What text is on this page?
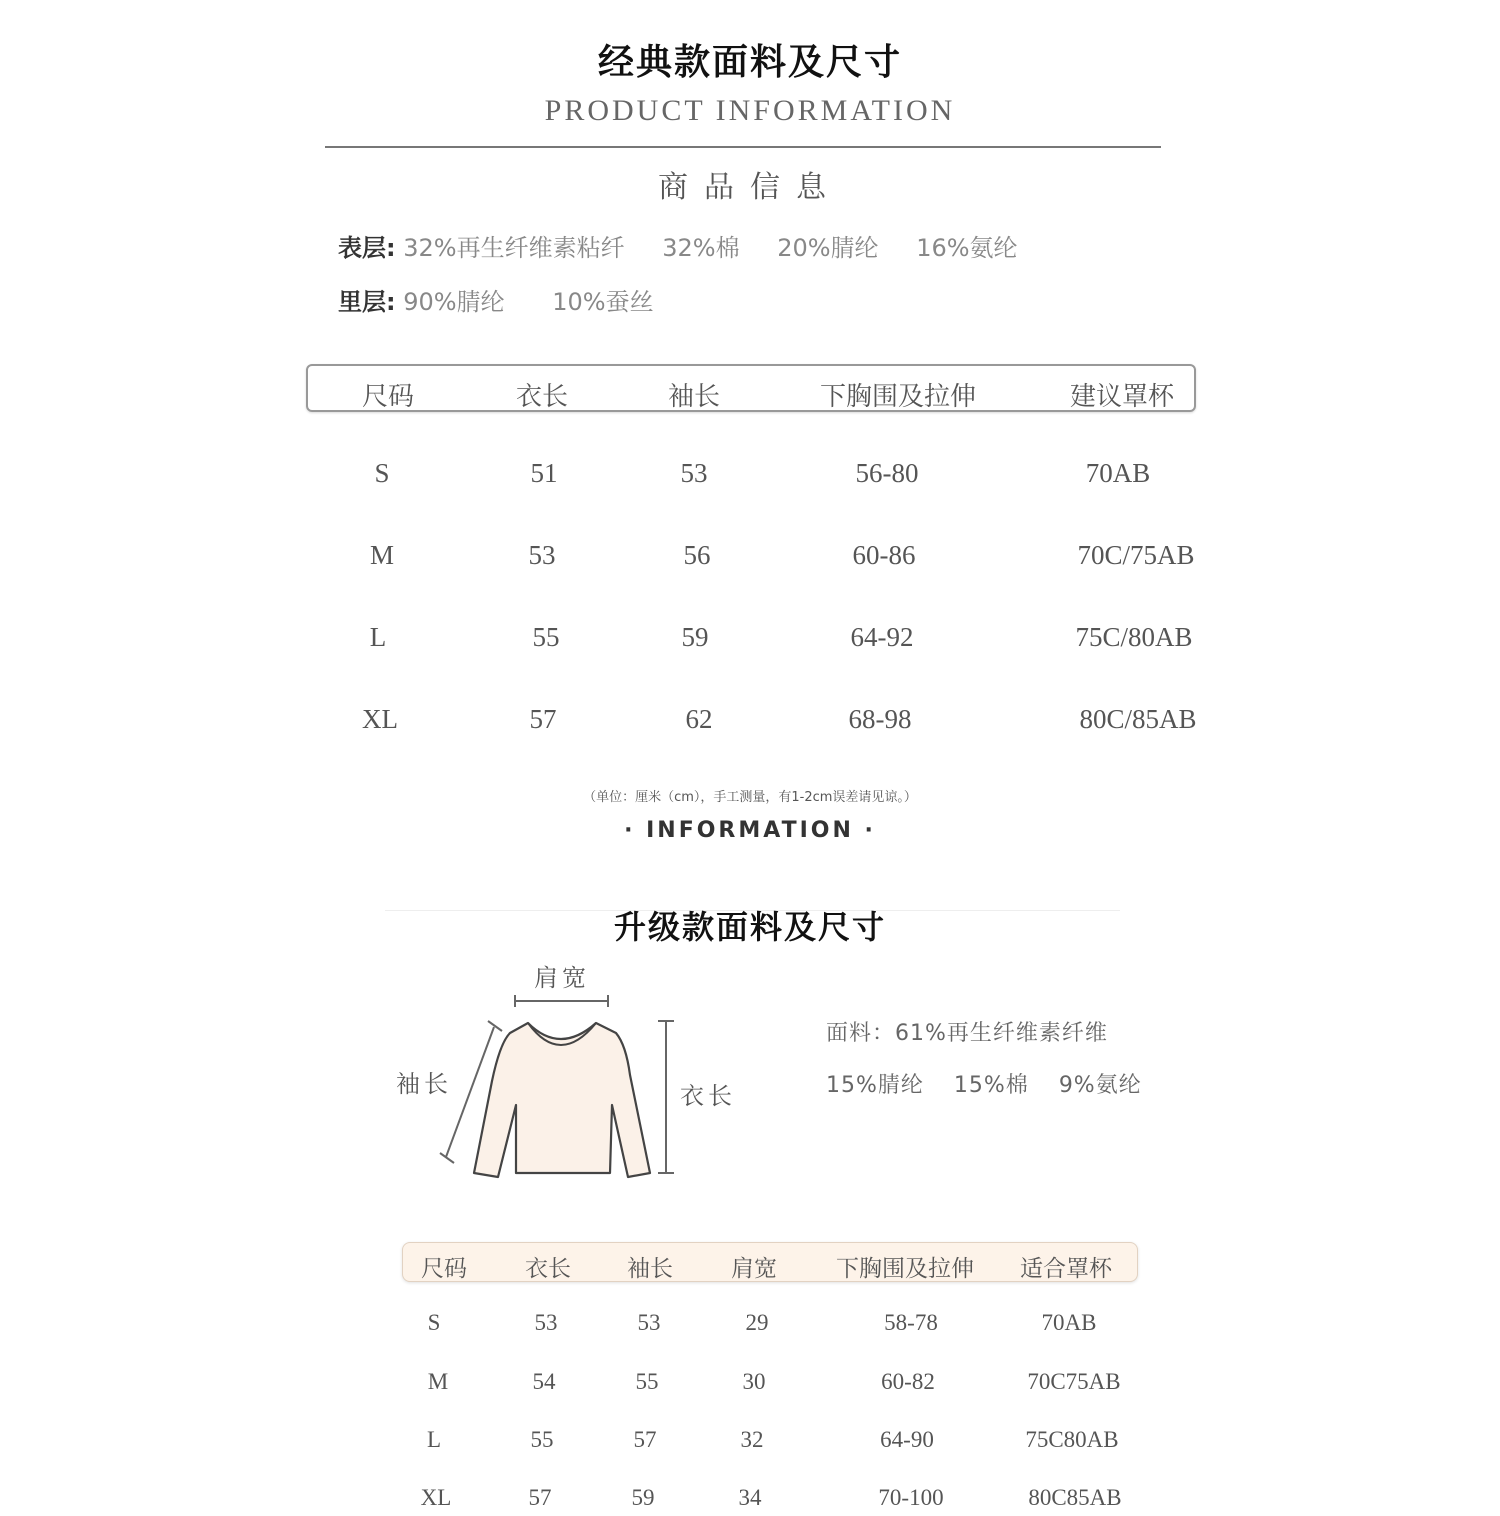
经典款面料及尺寸
PRODUCT INFORMATION
商品信息
表层: 32%再生纤维素粘纤 32%棉 20%腈纶 16%氨纶
里层: 90%腈纶 10%蚕丝
尺码	衣长	袖长	下胸围及拉伸	建议罩杯
S	51	53	56-80	70AB
M	53	56	60-86	70C/75AB
L	55	59	64-92	75C/80AB
XL	57	62	68-98	80C/85AB
（单位：厘米（cm），手工测量，有1-2cm误差请见谅。）
· INFORMATION ·
升级款面料及尺寸
肩宽
袖长	衣长
面料：61%再生纤维素纤维
15%腈纶 15%棉 9%氨纶
尺码	衣长	袖长	肩宽	下胸围及拉伸	适合罩杯
S	53	53	29	58-78	70AB
M	54	55	30	60-82	70C75AB
L	55	57	32	64-90	75C80AB
XL	57	59	34	70-100	80C85AB
